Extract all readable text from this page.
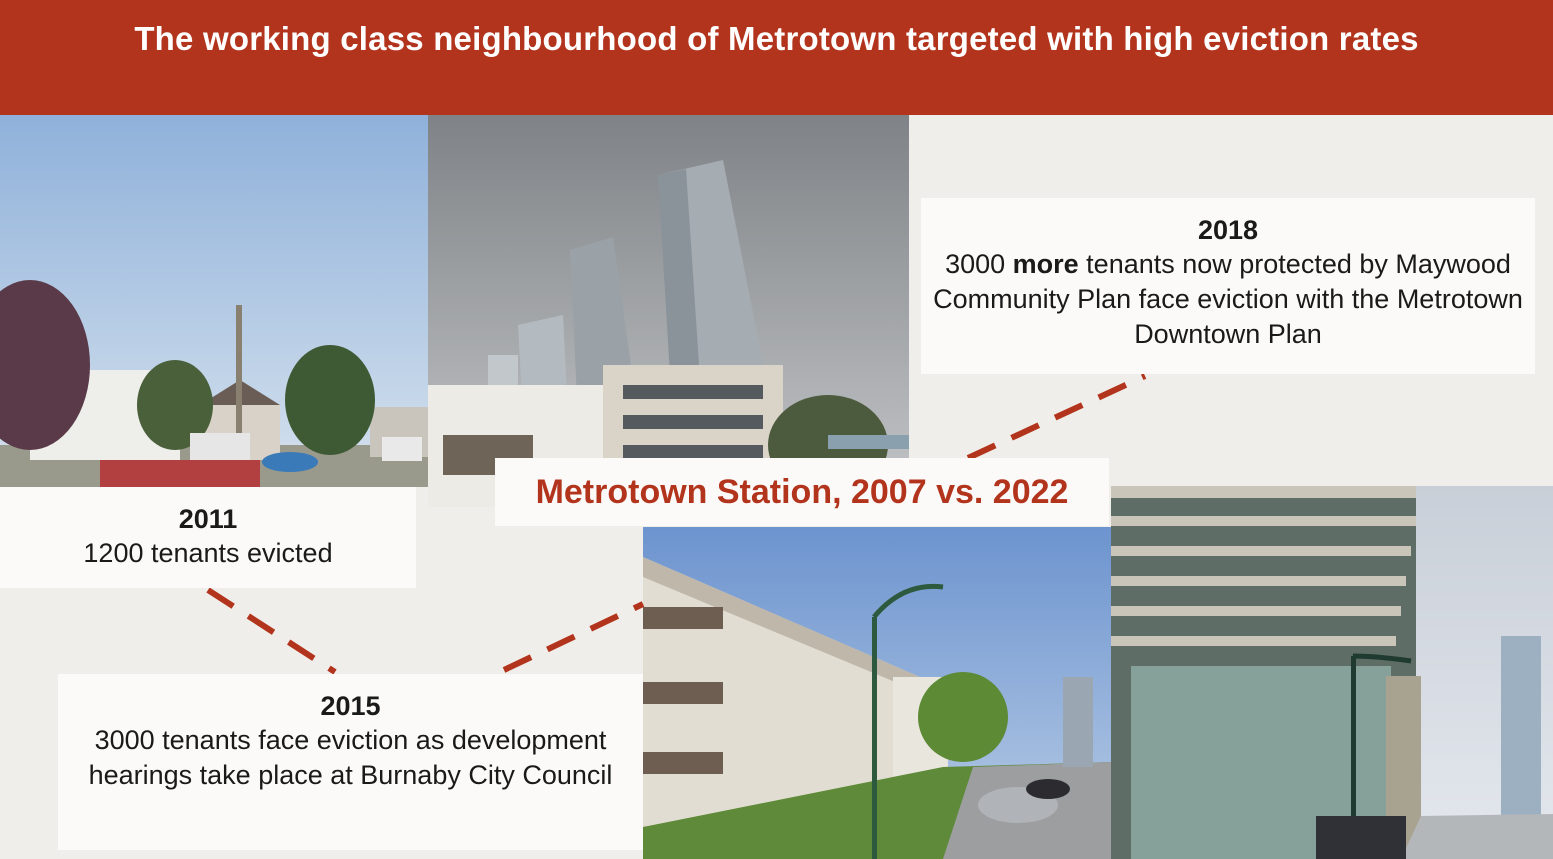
The working class neighbourhood of Metrotown targeted with high eviction rates
2018
3000 more tenants now protected by Maywood Community Plan face eviction with the Metrotown Downtown Plan
2011
1200 tenants evicted
2015
3000 tenants face eviction as development hearings take place at Burnaby City Council
Metrotown Station, 2007 vs. 2022
